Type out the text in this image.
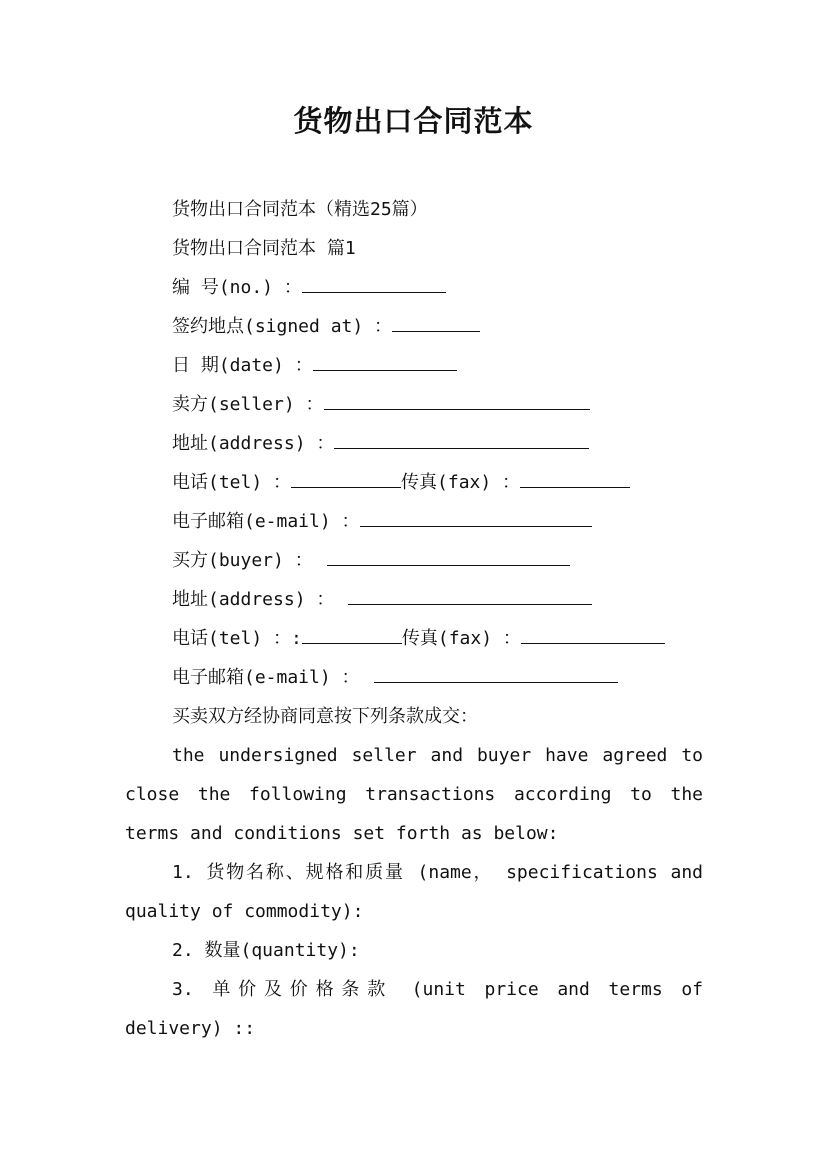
货物出口合同范本
货物出口合同范本（精选25篇）
货物出口合同范本 篇1
编 号(no.) ：
签约地点(signed at) ：
日 期(date) ：
卖方(seller) ：
地址(address) ：
电话(tel) ：	传真(fax) ：
电子邮箱(e-mail) ：
买方(buyer) ：
地址(address) ：
电话(tel) ：:	传真(fax) ：
电子邮箱(e-mail) ：
买卖双方经协商同意按下列条款成交：
the undersigned seller and buyer have agreed to close the following transactions according to the terms and conditions set forth as below:
1. 货物名称、规格和质量 (name， specifications and quality of commodity):
2. 数量(quantity):
3. 单价及价格条款 (unit price and terms of delivery) ::
